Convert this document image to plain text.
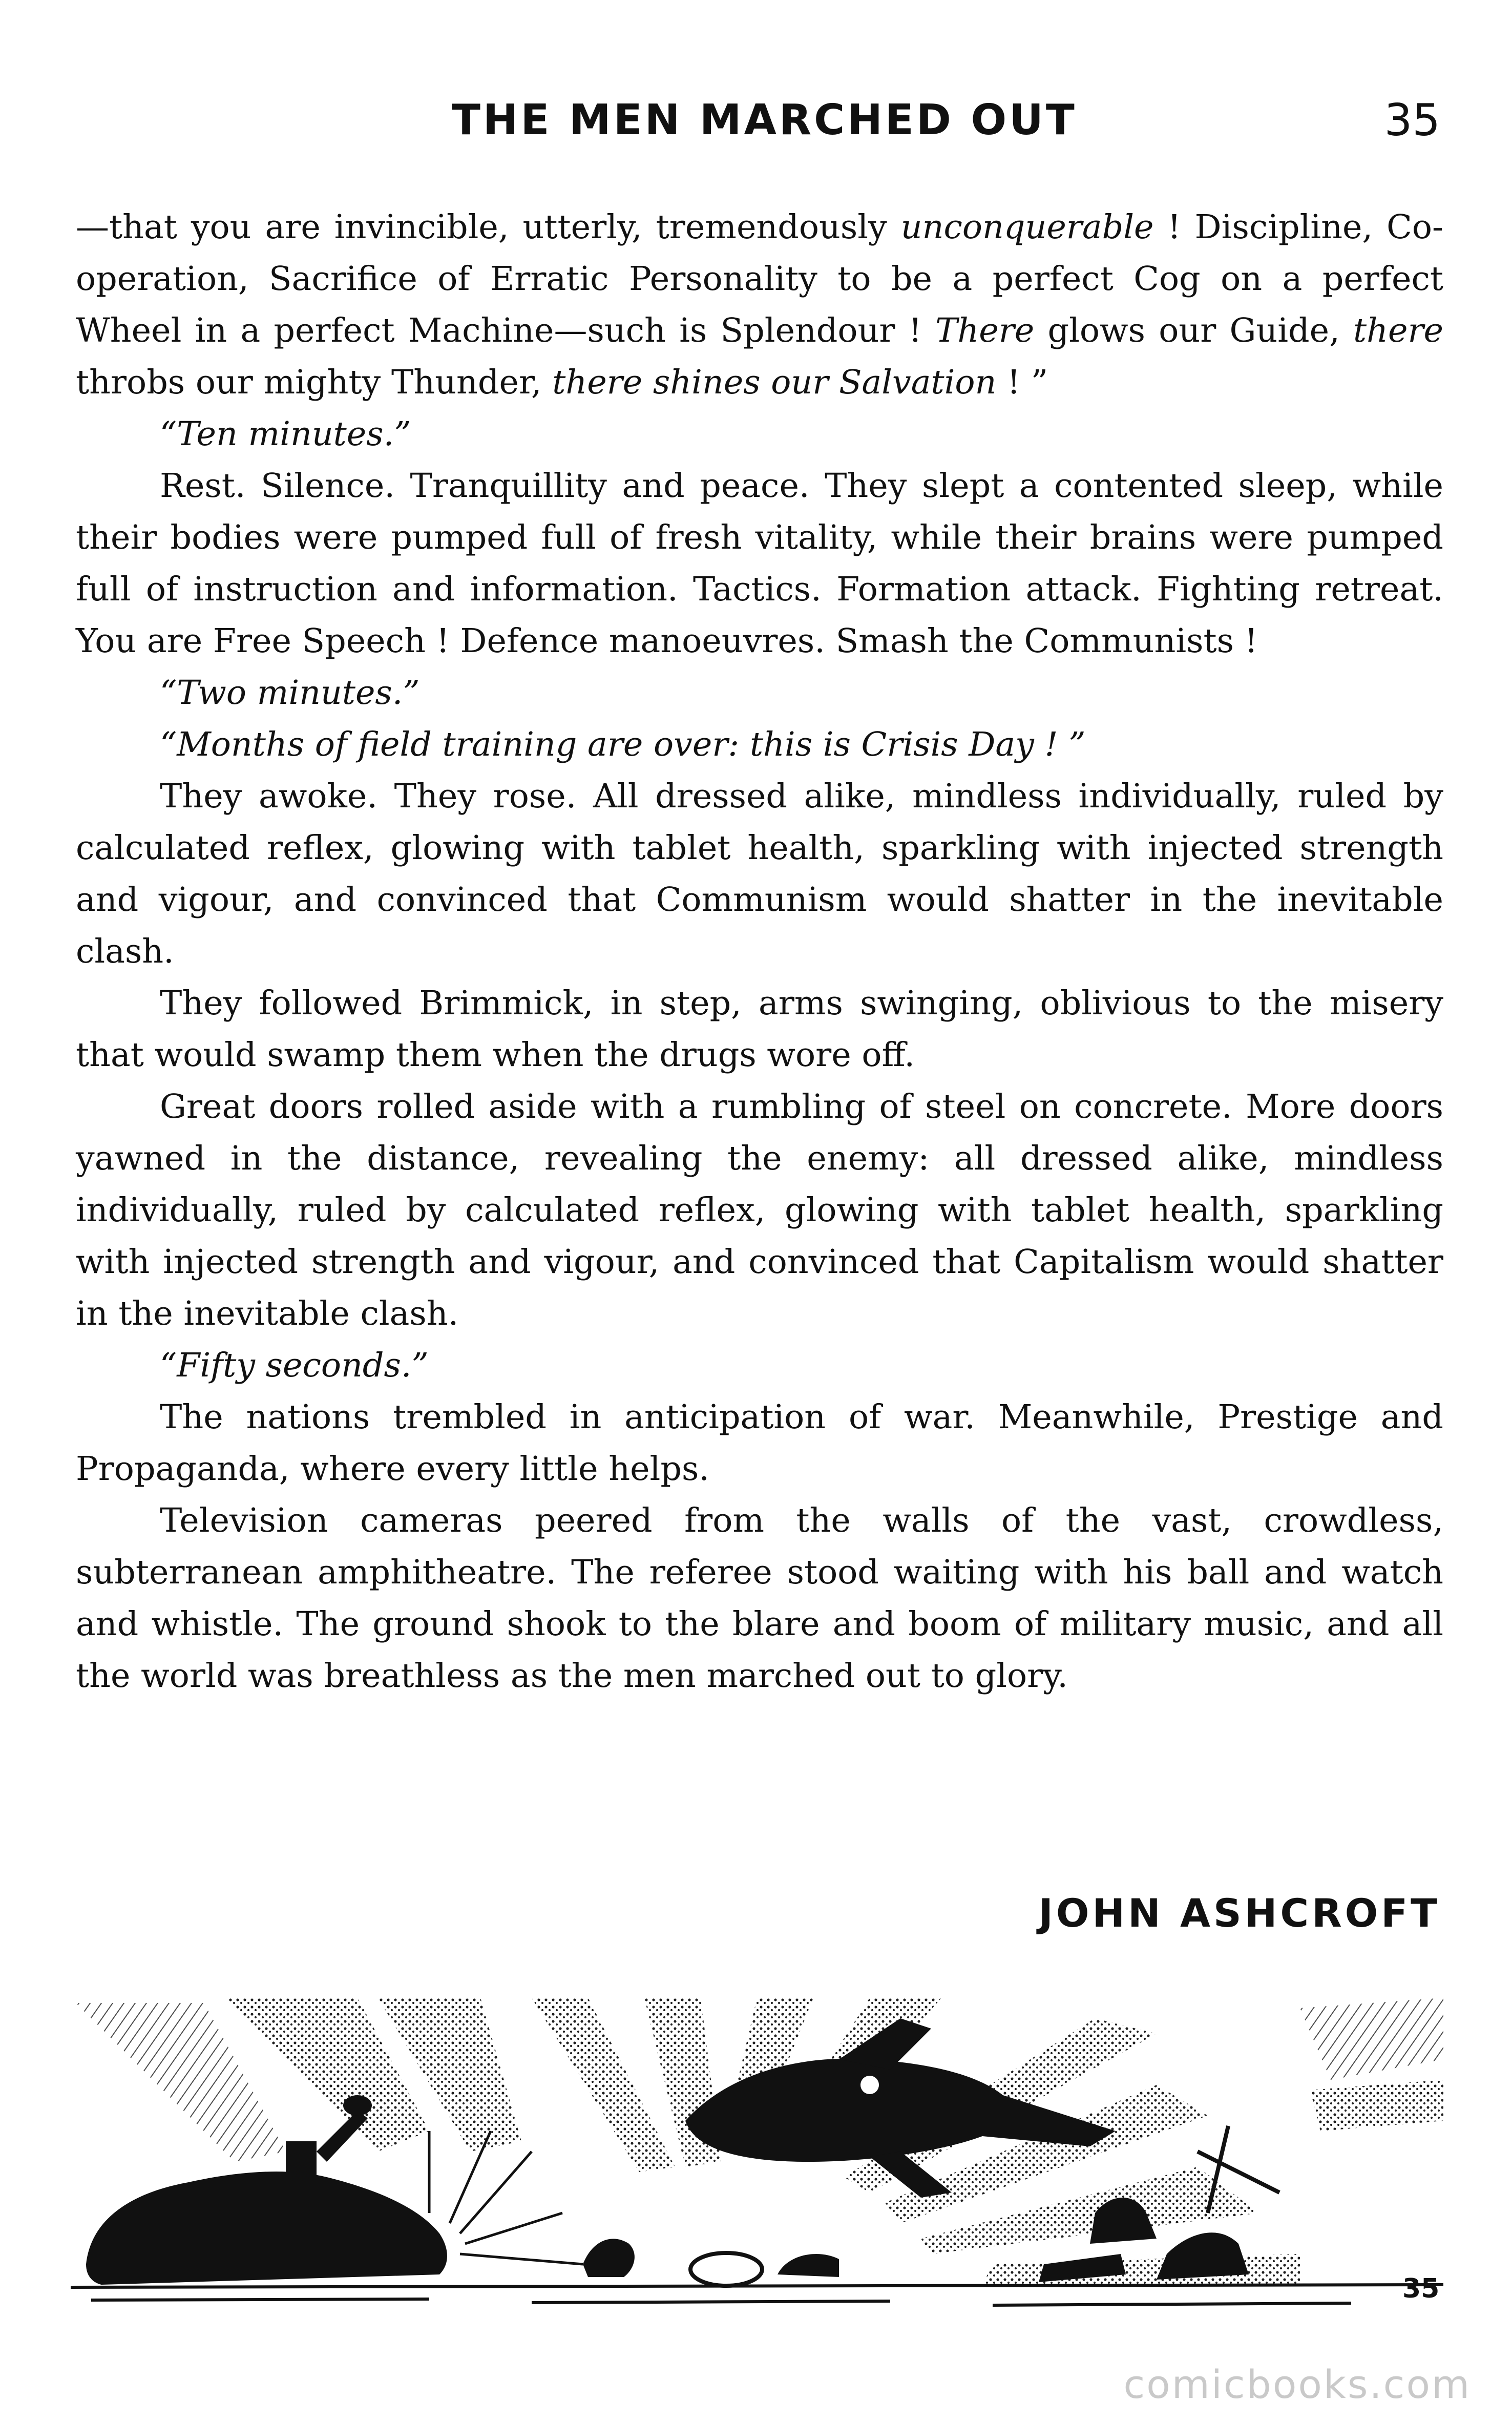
THE MEN MARCHED OUT	35

—that you are invincible, utterly, tremendously unconquerable ! Discipline, Co-operation, Sacrifice of Erratic Personality to be a perfect Cog on a perfect Wheel in a perfect Machine—such is Splendour ! There glows our Guide, there throbs our mighty Thunder, there shines our Salvation ! ”

“Ten minutes.”

Rest. Silence. Tranquillity and peace. They slept a contented sleep, while their bodies were pumped full of fresh vitality, while their brains were pumped full of instruction and information. Tactics. Formation attack. Fighting retreat. You are Free Speech ! Defence manoeuvres. Smash the Communists !

“Two minutes.”

“Months of field training are over: this is Crisis Day ! ”

They awoke. They rose. All dressed alike, mindless individually, ruled by calculated reflex, glowing with tablet health, sparkling with injected strength and vigour, and convinced that Communism would shatter in the inevitable clash.

They followed Brimmick, in step, arms swinging, oblivious to the misery that would swamp them when the drugs wore off.

Great doors rolled aside with a rumbling of steel on concrete. More doors yawned in the distance, revealing the enemy: all dressed alike, mindless individually, ruled by calculated reflex, glowing with tablet health, sparkling with injected strength and vigour, and convinced that Capitalism would shatter in the inevitable clash.

“Fifty seconds.”

The nations trembled in anticipation of war. Meanwhile, Prestige and Propaganda, where every little helps.

Television cameras peered from the walls of the vast, crowdless, subterranean amphitheatre. The referee stood waiting with his ball and watch and whistle. The ground shook to the blare and boom of military music, and all the world was breathless as the men marched out to glory.

JOHN ASHCROFT
35
comicbooks.com
